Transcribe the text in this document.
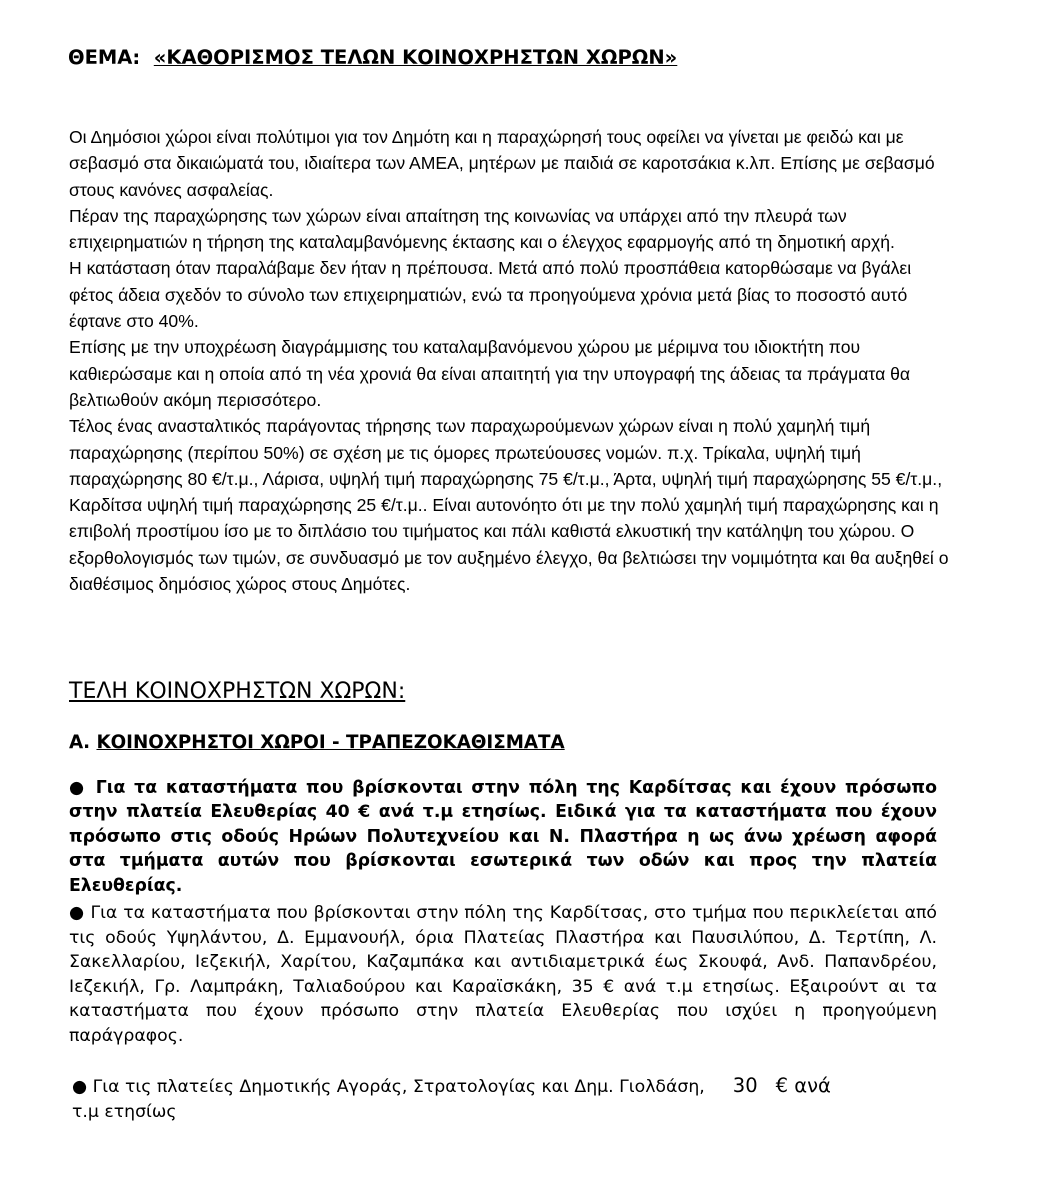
ΘΕΜΑ: «ΚΑΘΟΡΙΣΜΟΣ ΤΕΛΩΝ ΚΟΙΝΟΧΡΗΣΤΩΝ ΧΩΡΩΝ»

Οι Δημόσιοι χώροι είναι πολύτιμοι για τον Δημότη και η παραχώρησή τους οφείλει να γίνεται με φειδώ και με σεβασμό στα δικαιώματά του, ιδιαίτερα των ΑΜΕΑ, μητέρων με παιδιά σε καροτσάκια κ.λπ. Επίσης με σεβασμό στους κανόνες ασφαλείας.

Πέραν της παραχώρησης των χώρων είναι απαίτηση της κοινωνίας να υπάρχει από την πλευρά των επιχειρηματιών η τήρηση της καταλαμβανόμενης έκτασης και ο έλεγχος εφαρμογής από τη δημοτική αρχή.

Η κατάσταση όταν παραλάβαμε δεν ήταν η πρέπουσα. Μετά από πολύ προσπάθεια κατορθώσαμε να βγάλει φέτος άδεια σχεδόν το σύνολο των επιχειρηματιών, ενώ τα προηγούμενα χρόνια μετά βίας το ποσοστό αυτό έφτανε στο 40%.

Επίσης με την υποχρέωση διαγράμμισης του καταλαμβανόμενου χώρου με μέριμνα του ιδιοκτήτη που καθιερώσαμε και η οποία από τη νέα χρονιά θα είναι απαιτητή για την υπογραφή της άδειας τα πράγματα θα βελτιωθούν ακόμη περισσότερο.

Τέλος ένας ανασταλτικός παράγοντας τήρησης των παραχωρούμενων χώρων είναι η πολύ χαμηλή τιμή παραχώρησης (περίπου 50%) σε σχέση με τις όμορες πρωτεύουσες νομών. π.χ. Τρίκαλα, υψηλή τιμή παραχώρησης 80 €/τ.μ., Λάρισα, υψηλή τιμή παραχώρησης 75 €/τ.μ., Άρτα, υψηλή τιμή παραχώρησης 55 €/τ.μ., Καρδίτσα υψηλή τιμή παραχώρησης 25 €/τ.μ.. Είναι αυτονόητο ότι με την πολύ χαμηλή τιμή παραχώρησης και η επιβολή προστίμου ίσο με το διπλάσιο του τιμήματος και πάλι καθιστά ελκυστική την κατάληψη του χώρου. Ο εξορθολογισμός των τιμών, σε συνδυασμό με τον αυξημένο έλεγχο, θα βελτιώσει την νομιμότητα και θα αυξηθεί ο διαθέσιμος δημόσιος χώρος στους Δημότες.

ΤΕΛΗ ΚΟΙΝΟΧΡΗΣΤΩΝ ΧΩΡΩΝ:
Α. ΚΟΙΝΟΧΡΗΣΤΟΙ ΧΩΡΟΙ - ΤΡΑΠΕΖΟΚΑΘΙΣΜΑΤΑ
● Για τα καταστήματα που βρίσκονται στην πόλη της Καρδίτσας και έχουν πρόσωπο στην πλατεία Ελευθερίας 40 € ανά τ.μ ετησίως. Ειδικά για τα καταστήματα που έχουν πρόσωπο στις οδούς Ηρώων Πολυτεχνείου και Ν. Πλαστήρα η ως άνω χρέωση αφορά στα τμήματα αυτών που βρίσκονται εσωτερικά των οδών και προς την πλατεία Ελευθερίας.
● Για τα καταστήματα που βρίσκονται στην πόλη της Καρδίτσας, στο τμήμα που περικλείεται από τις οδούς Υψηλάντου, Δ. Εμμανουήλ, όρια Πλατείας Πλαστήρα και Παυσιλύπου, Δ. Τερτίπη, Λ. Σακελλαρίου, Ιεζεκιήλ, Χαρίτου, Καζαμπάκα και αντιδιαμετρικά έως Σκουφά, Ανδ. Παπανδρέου, Ιεζεκιήλ, Γρ. Λαμπράκη, Ταλιαδούρου και Καραϊσκάκη, 35 € ανά τ.μ ετησίως. Εξαιρούντ αι τα καταστήματα που έχουν πρόσωπο στην πλατεία Ελευθερίας που ισχύει η προηγούμενη παράγραφος.
● Για τις πλατείες Δημοτικής Αγοράς, Στρατολογίας και Δημ. Γιολδάση, 30 € ανά
τ.μ ετησίως
